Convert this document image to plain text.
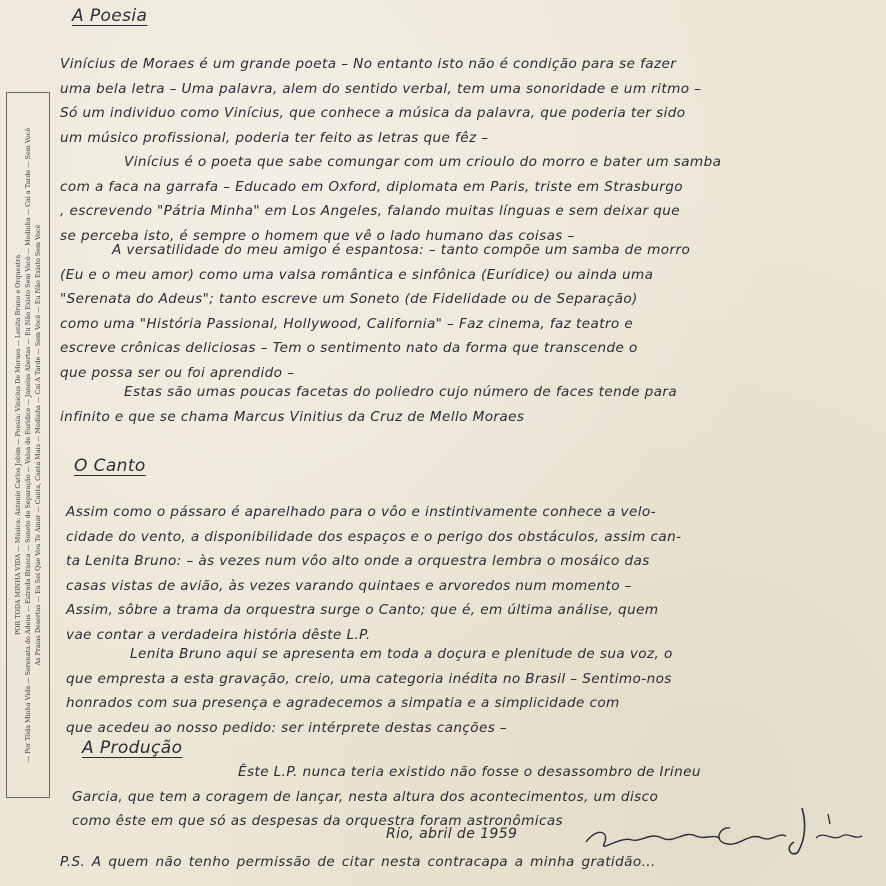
POR TODA MINHA VIDA — Música: Antonio Carlos Jobim — Poesia: Vinicius De Moraes — Lenita Bruno e Orquestra — Por Tôda Minha Vida — Serenata do Adeus — Estrada Branca — Soneto de Separação — Valsa de Eurídice — Janelas Abertas — Eu Não Existo Sem Você — Modinha — Cai a Tarde — Sem Você As Praias Desertas — Eu Sei Que Vou Te Amar — Canta, Canta Mais — Modinha — Cai A Tarde — Sem Você — Eu Não Existo Sem Você
A Poesia
Vinícius de Moraes é um grande poeta – No entanto isto não é condição para se fazer
uma bela letra – Uma palavra, alem do sentido verbal, tem uma sonoridade e um ritmo –
Só um individuo como Vinícius, que conhece a música da palavra, que poderia ter sido
um músico profissional, poderia ter feito as letras que fêz –
Vinícius é o poeta que sabe comungar com um crioulo do morro e bater um samba
com a faca na garrafa – Educado em Oxford, diplomata em Paris, triste em Strasburgo
, escrevendo "Pátria Minha" em Los Angeles, falando muitas línguas e sem deixar que
se perceba isto, é sempre o homem que vê o lado humano das coisas –
A versatilidade do meu amigo é espantosa: – tanto compõe um samba de morro
(Eu e o meu amor) como uma valsa romântica e sinfônica (Eurídice) ou ainda uma
"Serenata do Adeus"; tanto escreve um Soneto (de Fidelidade ou de Separação)
como uma "História Passional, Hollywood, California" – Faz cinema, faz teatro e
escreve crônicas deliciosas – Tem o sentimento nato da forma que transcende o
que possa ser ou foi aprendido –
Estas são umas poucas facetas do poliedro cujo número de faces tende para
infinito e que se chama Marcus Vinitius da Cruz de Mello Moraes
O Canto
Assim como o pássaro é aparelhado para o vôo e instintivamente conhece a velo-
cidade do vento, a disponibilidade dos espaços e o perigo dos obstáculos, assim can-
ta Lenita Bruno: – às vezes num vôo alto onde a orquestra lembra o mosáico das
casas vistas de avião, às vezes varando quintaes e arvoredos num momento –
Assim, sôbre a trama da orquestra surge o Canto; que é, em última análise, quem
vae contar a verdadeira história dêste L.P.
Lenita Bruno aqui se apresenta em toda a doçura e plenitude de sua voz, o
que empresta a esta gravação, creio, uma categoria inédita no Brasil – Sentimo-nos
honrados com sua presença e agradecemos a simpatia e a simplicidade com
que acedeu ao nosso pedido: ser intérprete destas canções –
A Produção
Êste L.P. nunca teria existido não fosse o desassombro de Irineu
Garcia, que tem a coragem de lançar, nesta altura dos acontecimentos, um disco
como êste em que só as despesas da orquestra foram astronômicas
Rio, abril de 1959
P.S. A quem não tenho permissão de citar nesta contracapa a minha gratidão...
